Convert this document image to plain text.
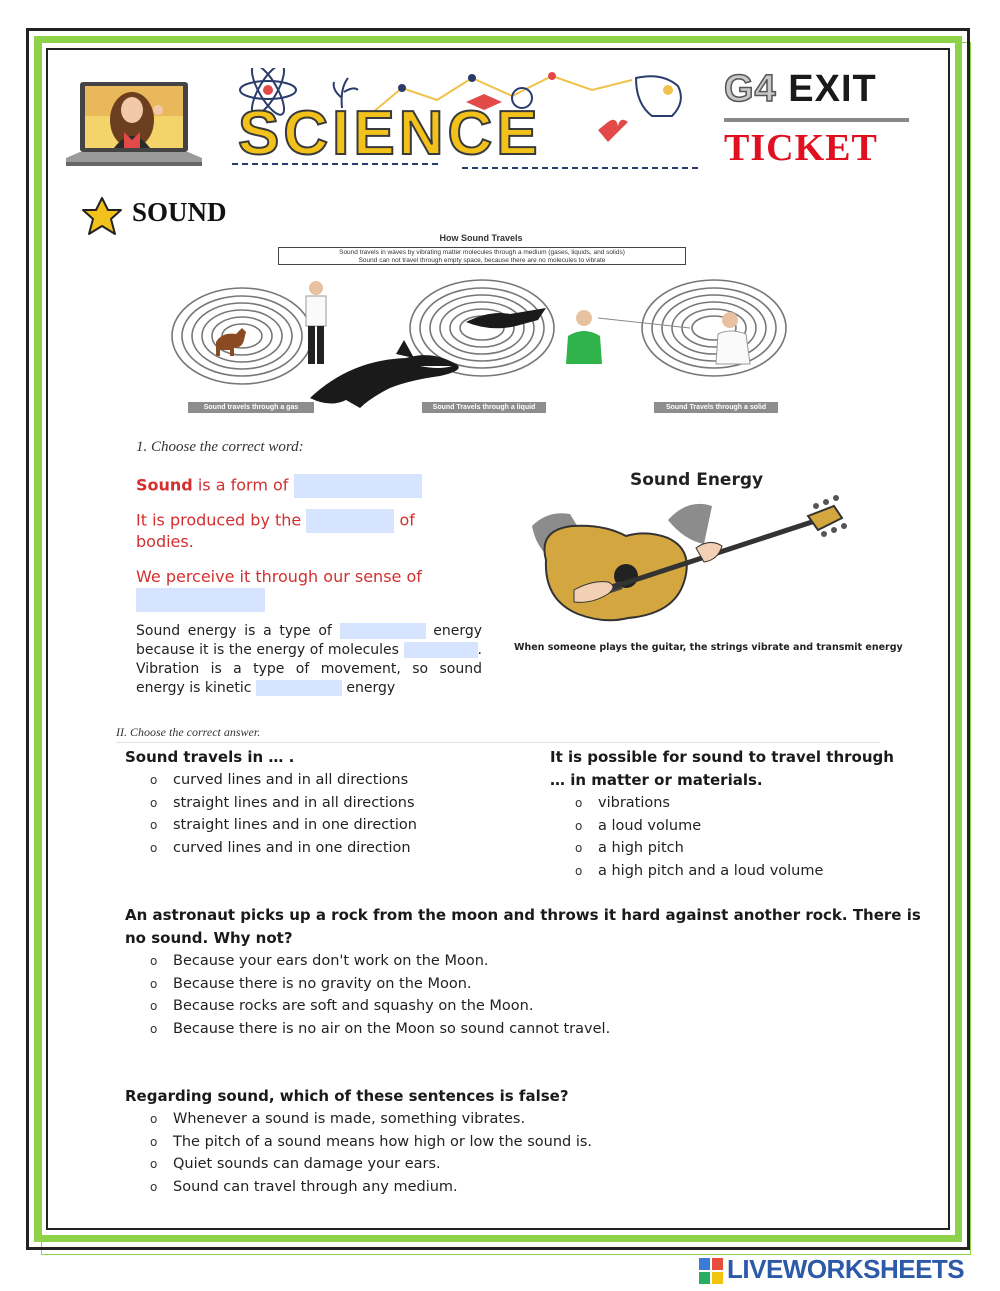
SCIENCE
G4 EXIT
TICKET
SOUND
How Sound Travels
Sound travels in waves by vibrating matter molecules through a medium (gases, liquids, and solids)
Sound can not travel through empty space, because there are no molecules to vibrate
Sound travels through a gas	Sound Travels through a liquid	Sound Travels through a solid
1. Choose the correct word:
Sound is a form of
It is produced by the	of
bodies.
We perceive it through our sense of
Sound energy is a type of	energy because it is the energy of molecules	. Vibration is a type of movement, so sound energy is kinetic	energy
Sound Energy
When someone plays the guitar, the strings vibrate and transmit energy
II. Choose the correct answer.
Sound travels in … .
o curved lines and in all directions
o straight lines and in all directions
o straight lines and in one direction
o curved lines and in one direction
It is possible for sound to travel through
… in matter or materials.
o vibrations
o a loud volume
o a high pitch
o a high pitch and a loud volume
An astronaut picks up a rock from the moon and throws it hard against another rock. There is
no sound. Why not?
o Because your ears don't work on the Moon.
o Because there is no gravity on the Moon.
o Because rocks are soft and squashy on the Moon.
o Because there is no air on the Moon so sound cannot travel.
Regarding sound, which of these sentences is false?
o Whenever a sound is made, something vibrates.
o The pitch of a sound means how high or low the sound is.
o Quiet sounds can damage your ears.
o Sound can travel through any medium.
LIVEWORKSHEETS
